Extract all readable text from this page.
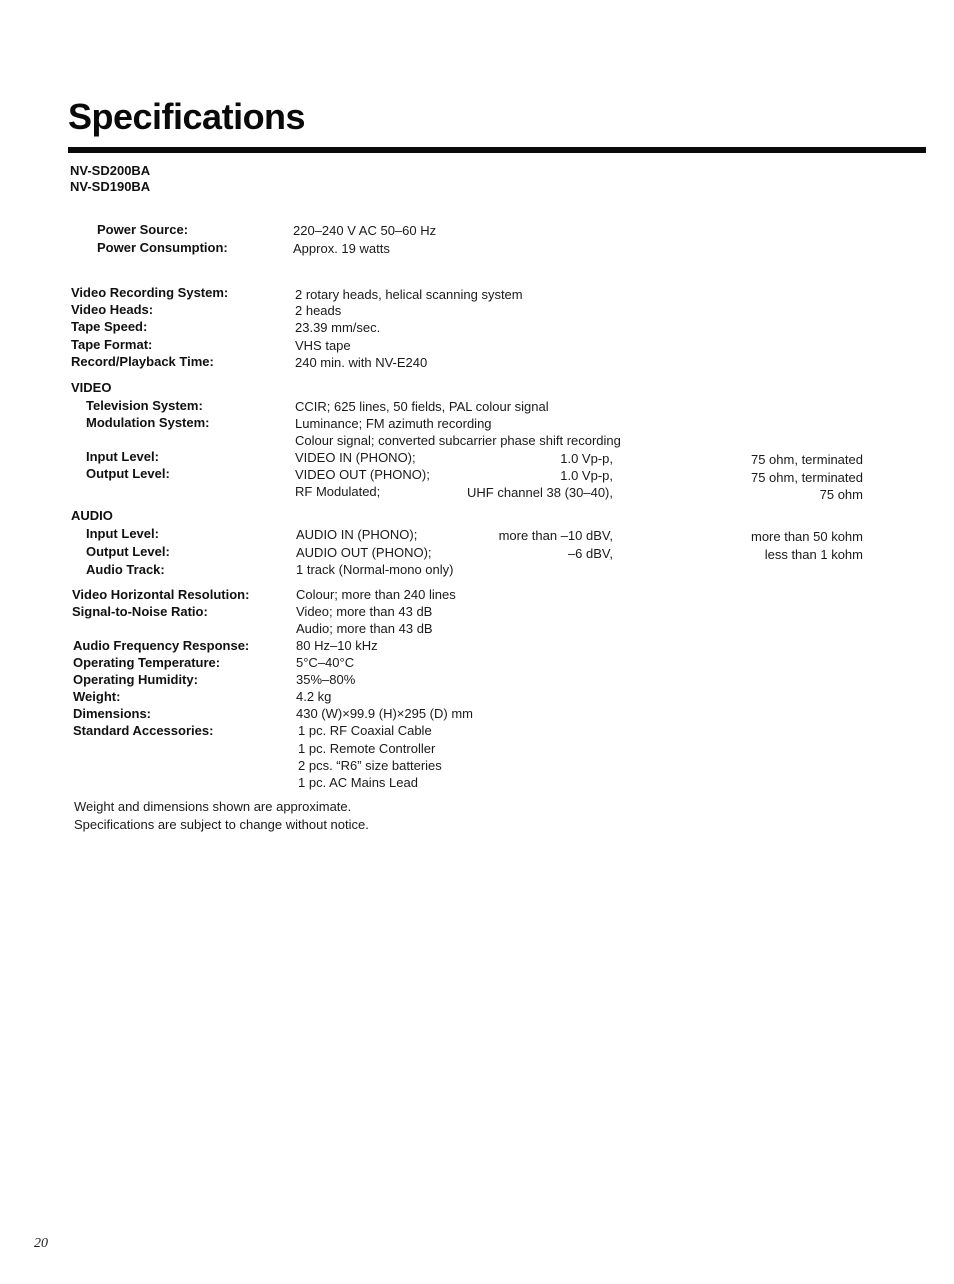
Specifications
NV-SD200BA
NV-SD190BA
Power Source:	220–240 V AC 50–60 Hz
Power Consumption:	Approx. 19 watts
Video Recording System:	2 rotary heads, helical scanning system
Video Heads:	2 heads
Tape Speed:	23.39 mm/sec.
Tape Format:	VHS tape
Record/Playback Time:	240 min. with NV-E240
VIDEO
Television System:	CCIR; 625 lines, 50 fields, PAL colour signal
Modulation System:	Luminance; FM azimuth recording
Colour signal; converted subcarrier phase shift recording
Input Level:	VIDEO IN (PHONO);	1.0 Vp-p,	75 ohm, terminated
Output Level:	VIDEO OUT (PHONO);	1.0 Vp-p,	75 ohm, terminated
RF Modulated;	UHF channel 38 (30–40),	75 ohm
AUDIO
Input Level:	AUDIO IN (PHONO);	more than –10 dBV,	more than 50 kohm
Output Level:	AUDIO OUT (PHONO);	–6 dBV,	less than 1 kohm
Audio Track:	1 track (Normal-mono only)
Video Horizontal Resolution:	Colour; more than 240 lines
Signal-to-Noise Ratio:	Video; more than 43 dB
Audio; more than 43 dB
Audio Frequency Response:	80 Hz–10 kHz
Operating Temperature:	5°C–40°C
Operating Humidity:	35%–80%
Weight:	4.2 kg
Dimensions:	430 (W)×99.9 (H)×295 (D) mm
Standard Accessories:	1 pc. RF Coaxial Cable
1 pc. Remote Controller
2 pcs. “R6” size batteries
1 pc. AC Mains Lead
Weight and dimensions shown are approximate.
Specifications are subject to change without notice.
20
